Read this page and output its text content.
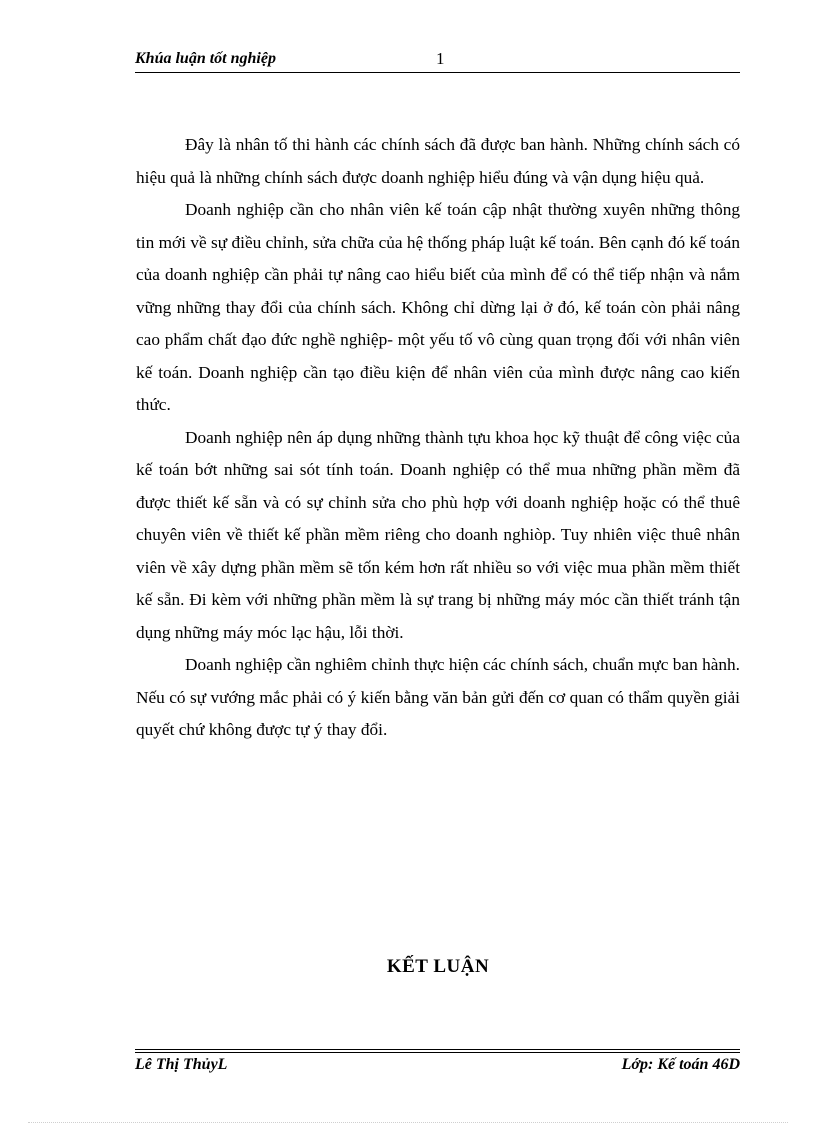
Khúa luận tốt nghiệp	1

Đây là nhân tố thi hành các chính sách đã được ban hành. Những chính sách có hiệu quả là những chính sách được doanh nghiệp hiểu đúng và vận dụng hiệu quả.

Doanh nghiệp cần cho nhân viên kế toán cập nhật thường xuyên những thông tin mới về sự điều chỉnh, sửa chữa của hệ thống pháp luật kế toán. Bên cạnh đó kế toán của doanh nghiệp cần phải tự nâng cao hiểu biết của mình để có thể tiếp nhận và nắm vững những thay đổi của chính sách. Không chỉ dừng lại ở đó, kế toán còn phải nâng cao phẩm chất đạo đức nghề nghiệp- một yếu tố vô cùng quan trọng đối với nhân viên kế toán. Doanh nghiệp cần tạo điều kiện để nhân viên của mình được nâng cao kiến thức.

Doanh nghiệp nên áp dụng những thành tựu khoa học kỹ thuật để công việc của kế toán bớt những sai sót tính toán. Doanh nghiệp có thể mua những phần mềm đã được thiết kế sẵn và có sự chỉnh sửa cho phù hợp với doanh nghiệp hoặc có thể thuê chuyên viên về thiết kế phần mềm riêng cho doanh nghiòp. Tuy nhiên việc thuê nhân viên về xây dựng phần mềm sẽ tốn kém hơn rất nhiều so với việc mua phần mềm thiết kế sẵn. Đi kèm với những phần mềm là sự trang bị những máy móc cần thiết tránh tận dụng những máy móc lạc hậu, lỗi thời.

Doanh nghiệp cần nghiêm chỉnh thực hiện các chính sách, chuẩn mực ban hành. Nếu có sự vướng mắc phải có ý kiến bằng văn bản gửi đến cơ quan có thẩm quyền giải quyết chứ không được tự ý thay đổi.

KẾT LUẬN
Lê Thị ThủyL	Lớp: Kế toán 46D
